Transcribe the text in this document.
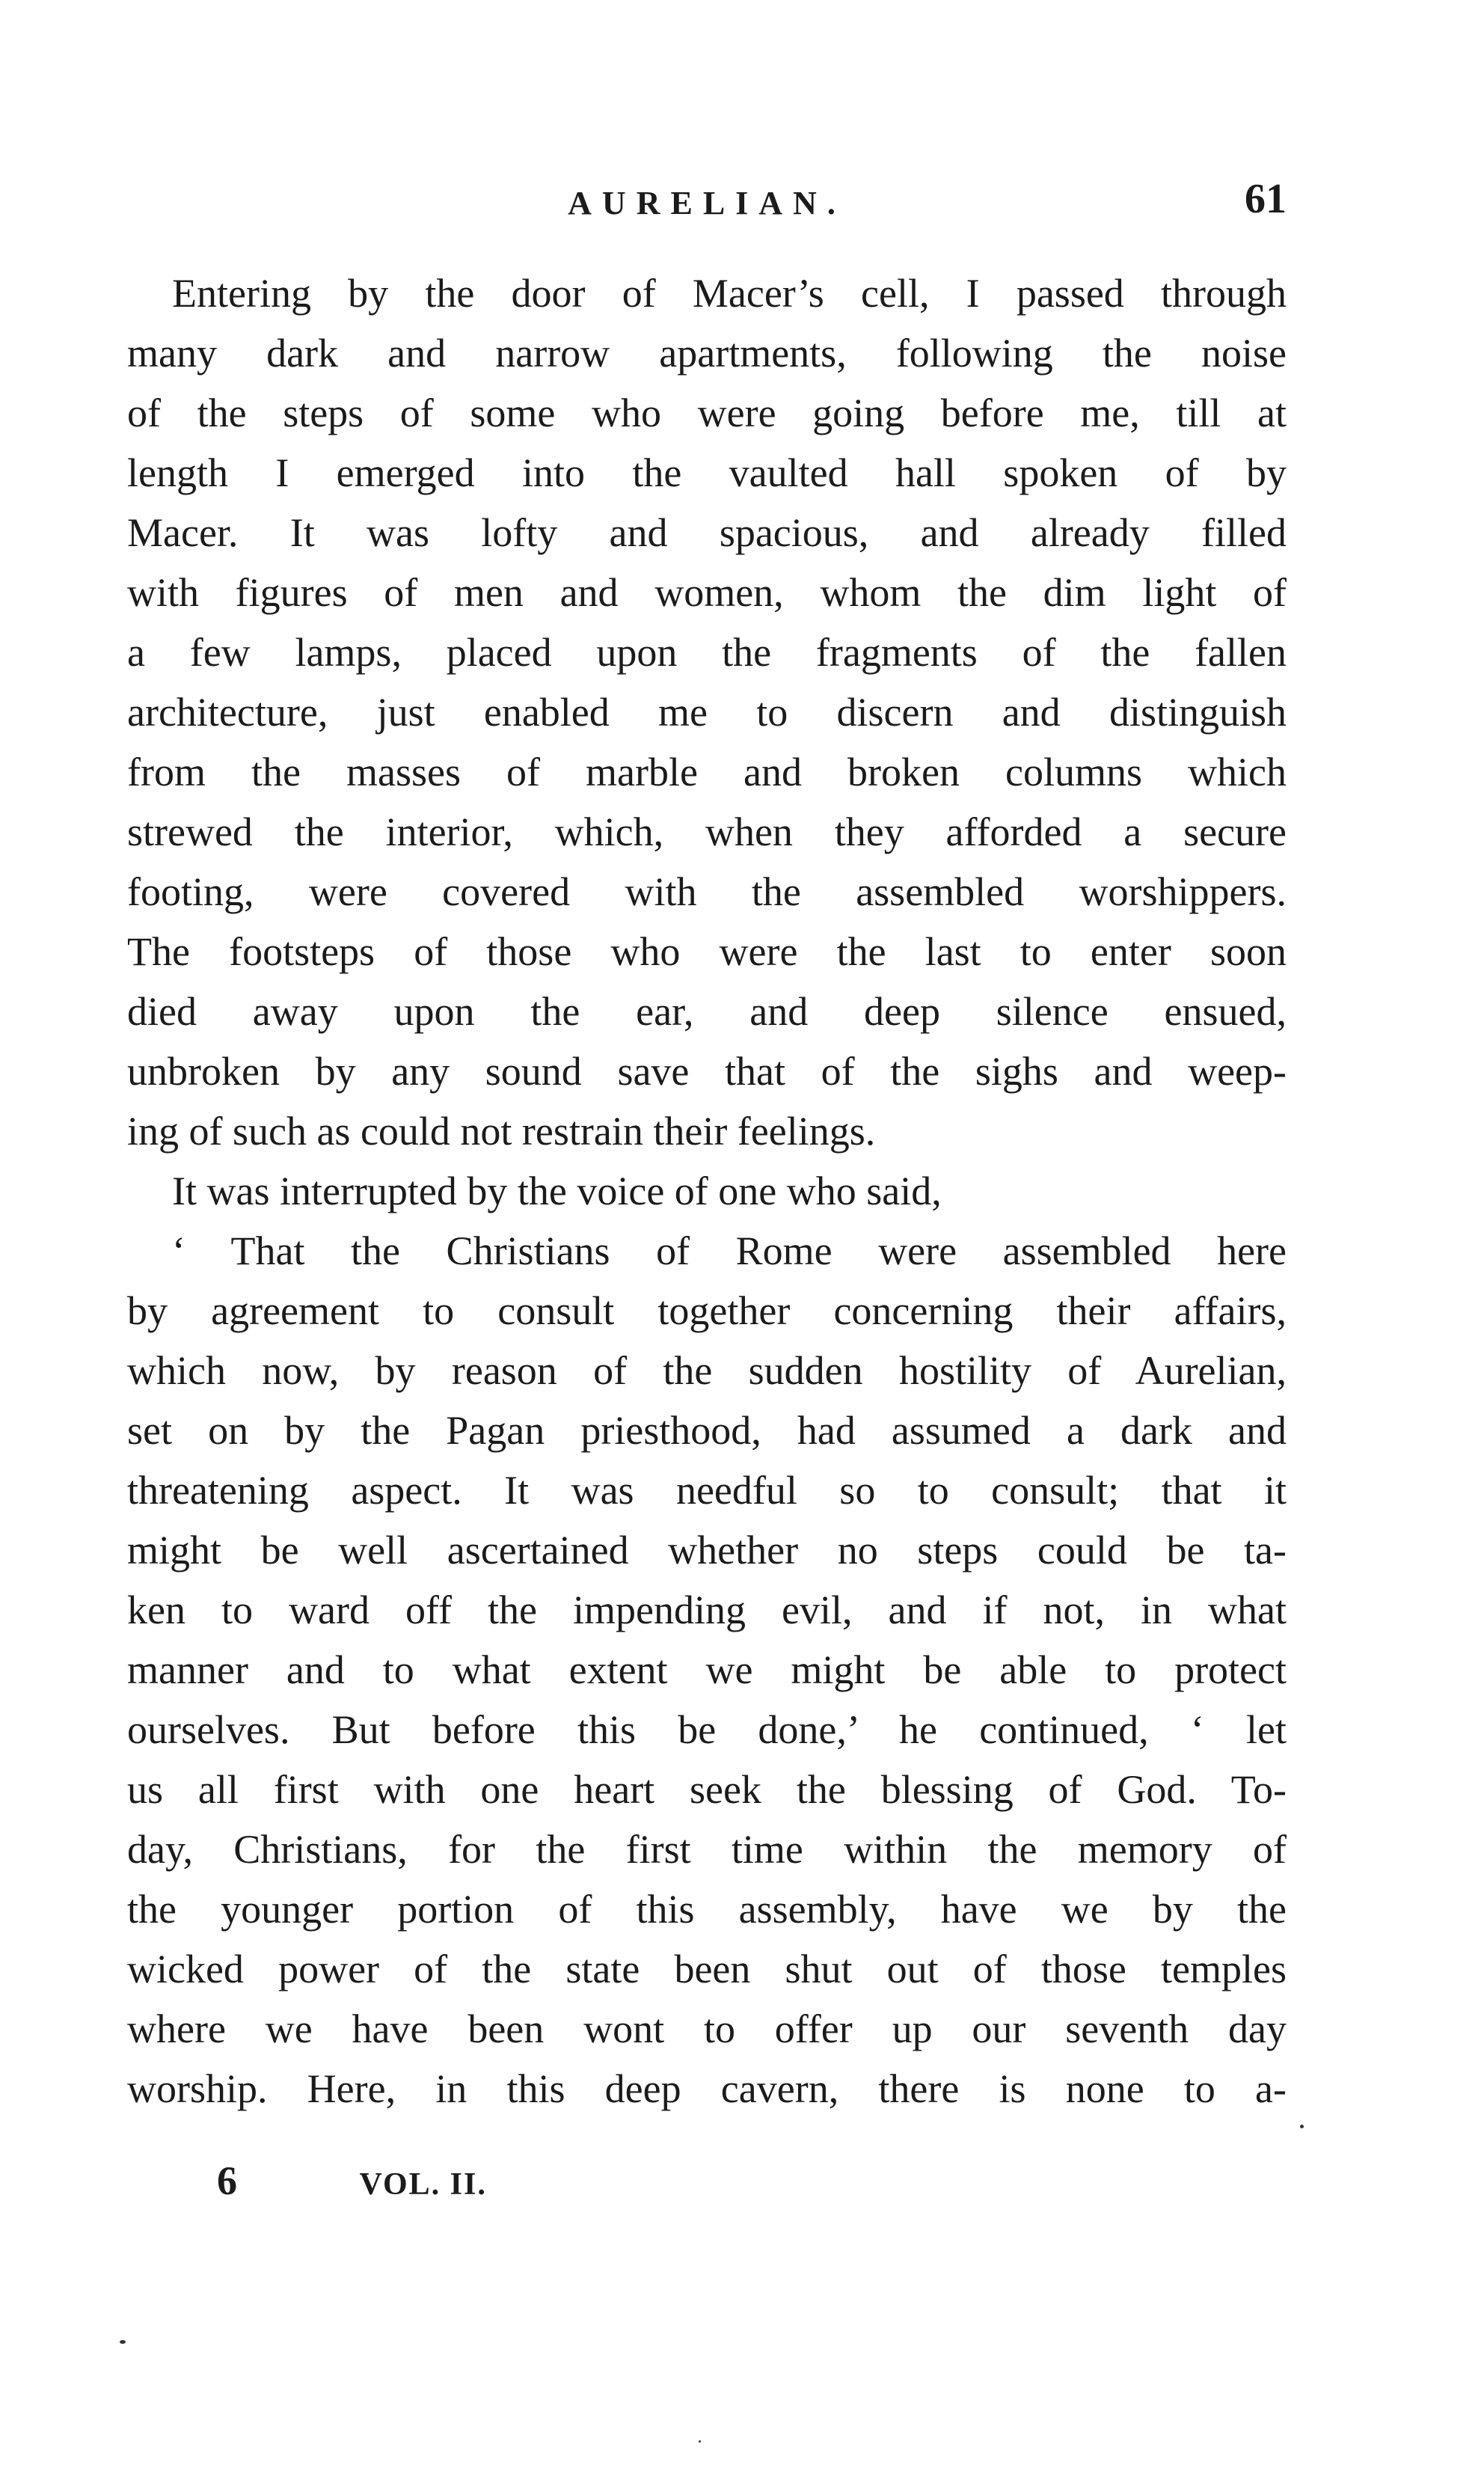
AURELIAN.	61
Entering by the door of Macer’s cell, I passed through
many dark and narrow apartments, following the noise
of the steps of some who were going before me, till at
length I emerged into the vaulted hall spoken of by
Macer. It was lofty and spacious, and already filled
with figures of men and women, whom the dim light of
a few lamps, placed upon the fragments of the fallen
architecture, just enabled me to discern and distinguish
from the masses of marble and broken columns which
strewed the interior, which, when they afforded a secure
footing, were covered with the assembled worshippers.
The footsteps of those who were the last to enter soon
died away upon the ear, and deep silence ensued,
unbroken by any sound save that of the sighs and weep-
ing of such as could not restrain their feelings.
It was interrupted by the voice of one who said,
‘ That the Christians of Rome were assembled here
by agreement to consult together concerning their affairs,
which now, by reason of the sudden hostility of Aurelian,
set on by the Pagan priesthood, had assumed a dark and
threatening aspect. It was needful so to consult; that it
might be well ascertained whether no steps could be ta-
ken to ward off the impending evil, and if not, in what
manner and to what extent we might be able to protect
ourselves. But before this be done,’ he continued, ‘ let
us all first with one heart seek the blessing of God. To-
day, Christians, for the first time within the memory of
the younger portion of this assembly, have we by the
wicked power of the state been shut out of those temples
where we have been wont to offer up our seventh day
worship. Here, in this deep cavern, there is none to a-
6	VOL. II.
